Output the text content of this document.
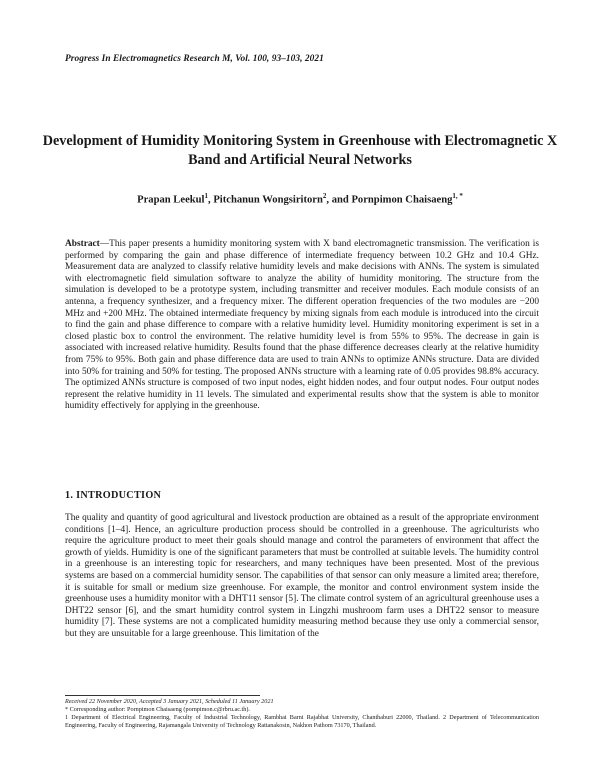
Progress In Electromagnetics Research M, Vol. 100, 93–103, 2021
Development of Humidity Monitoring System in Greenhouse with Electromagnetic X Band and Artificial Neural Networks
Prapan Leekul$^1$, Pitchanun Wongsiritorn$^2$, and Pornpimon Chaisaeng$^{1, *}$
Abstract—This paper presents a humidity monitoring system with X band electromagnetic transmission. The verification is performed by comparing the gain and phase difference of intermediate frequency between 10.2 GHz and 10.4 GHz. Measurement data are analyzed to classify relative humidity levels and make decisions with ANNs. The system is simulated with electromagnetic field simulation software to analyze the ability of humidity monitoring. The structure from the simulation is developed to be a prototype system, including transmitter and receiver modules. Each module consists of an antenna, a frequency synthesizer, and a frequency mixer. The different operation frequencies of the two modules are −200 MHz and +200 MHz. The obtained intermediate frequency by mixing signals from each module is introduced into the circuit to find the gain and phase difference to compare with a relative humidity level. Humidity monitoring experiment is set in a closed plastic box to control the environment. The relative humidity level is from 55% to 95%. The decrease in gain is associated with increased relative humidity. Results found that the phase difference decreases clearly at the relative humidity from 75% to 95%. Both gain and phase difference data are used to train ANNs to optimize ANNs structure. Data are divided into 50% for training and 50% for testing. The proposed ANNs structure with a learning rate of 0.05 provides 98.8% accuracy. The optimized ANNs structure is composed of two input nodes, eight hidden nodes, and four output nodes. Four output nodes represent the relative humidity in 11 levels. The simulated and experimental results show that the system is able to monitor humidity effectively for applying in the greenhouse.
1. INTRODUCTION
The quality and quantity of good agricultural and livestock production are obtained as a result of the appropriate environment conditions [1–4]. Hence, an agriculture production process should be controlled in a greenhouse. The agriculturists who require the agriculture product to meet their goals should manage and control the parameters of environment that affect the growth of yields. Humidity is one of the significant parameters that must be controlled at suitable levels. The humidity control in a greenhouse is an interesting topic for researchers, and many techniques have been presented. Most of the previous systems are based on a commercial humidity sensor. The capabilities of that sensor can only measure a limited area; therefore, it is suitable for small or medium size greenhouse. For example, the monitor and control environment system inside the greenhouse uses a humidity monitor with a DHT11 sensor [5]. The climate control system of an agricultural greenhouse uses a DHT22 sensor [6], and the smart humidity control system in Lingzhi mushroom farm uses a DHT22 sensor to measure humidity [7]. These systems are not a complicated humidity measuring method because they use only a commercial sensor, but they are unsuitable for a large greenhouse. This limitation of the

Received 22 November 2020, Accepted 3 January 2021, Scheduled 11 January 2021

* Corresponding author: Pornpimon Chaisaeng (pornpimon.c@rbru.ac.th).

1 Department of Electrical Engineering, Faculty of Industrial Technology, Rambhai Barni Rajabhat University, Chanthaburi 22000, Thailand. 2 Department of Telecommunication Engineering, Faculty of Engineering, Rajamangala University of Technology Rattanakosin, Nakhon Pathom 73170, Thailand.
